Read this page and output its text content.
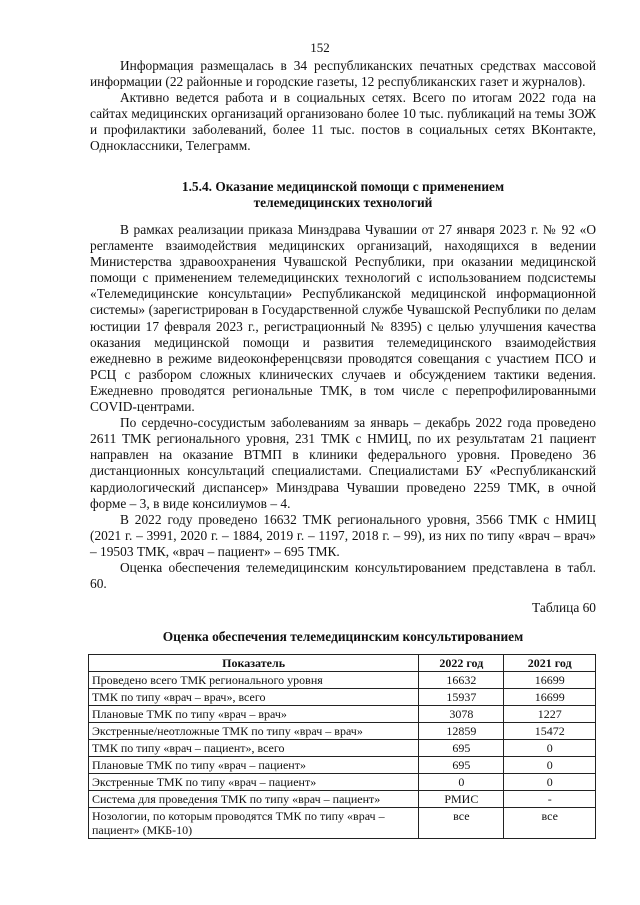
152

Информация размещалась в 34 республиканских печатных средствах массовой информации (22 районные и городские газеты, 12 республиканских газет и журналов).

Активно ведется работа и в социальных сетях. Всего по итогам 2022 года на сайтах медицинских организаций организовано более 10 тыс. публикаций на темы ЗОЖ и профилактики заболеваний, более 11 тыс. постов в социальных сетях ВКонтакте, Одноклассники, Телеграмм.

1.5.4. Оказание медицинской помощи с применением
телемедицинских технологий

В рамках реализации приказа Минздрава Чувашии от 27 января 2023 г. № 92 «О регламенте взаимодействия медицинских организаций, находящихся в ведении Министерства здравоохранения Чувашской Республики, при оказании медицинской помощи с применением телемедицинских технологий с использованием подсистемы «Телемедицинские консультации» Республиканской медицинской информационной системы» (зарегистрирован в Государственной службе Чувашской Республики по делам юстиции 17 февраля 2023 г., регистрационный № 8395) с целью улучшения качества оказания медицинской помощи и развития телемедицинского взаимодействия ежедневно в режиме видеоконференцсвязи проводятся совещания с участием ПСО и РСЦ с разбором сложных клинических случаев и обсуждением тактики ведения. Ежедневно проводятся региональные ТМК, в том числе с перепрофилированными COVID-центрами.

По сердечно-сосудистым заболеваниям за январь – декабрь 2022 года проведено 2611 ТМК регионального уровня, 231 ТМК с НМИЦ, по их результатам 21 пациент направлен на оказание ВТМП в клиники федерального уровня. Проведено 36 дистанционных консультаций специалистами. Специалистами БУ «Республиканский кардиологический диспансер» Минздрава Чувашии проведено 2259 ТМК, в очной форме – 3, в виде консилиумов – 4.

В 2022 году проведено 16632 ТМК регионального уровня, 3566 ТМК с НМИЦ (2021 г. – 3991, 2020 г. – 1884, 2019 г. – 1197, 2018 г. – 99), из них по типу «врач – врач» – 19503 ТМК, «врач – пациент» – 695 ТМК.

Оценка обеспечения телемедицинским консультированием представлена в табл. 60.

Таблица 60
Оценка обеспечения телемедицинским консультированием
Показатель	2022 год	2021 год
Проведено всего ТМК регионального уровня	16632	16699
ТМК по типу «врач – врач», всего	15937	16699
Плановые ТМК по типу «врач – врач»	3078	1227
Экстренные/неотложные ТМК по типу «врач – врач»	12859	15472
ТМК по типу «врач – пациент», всего	695	0
Плановые ТМК по типу «врач – пациент»	695	0
Экстренные ТМК по типу «врач – пациент»	0	0
Система для проведения ТМК по типу «врач – пациент»	РМИС	-
Нозологии, по которым проводятся ТМК по типу «врач – пациент» (МКБ-10)	все	все
